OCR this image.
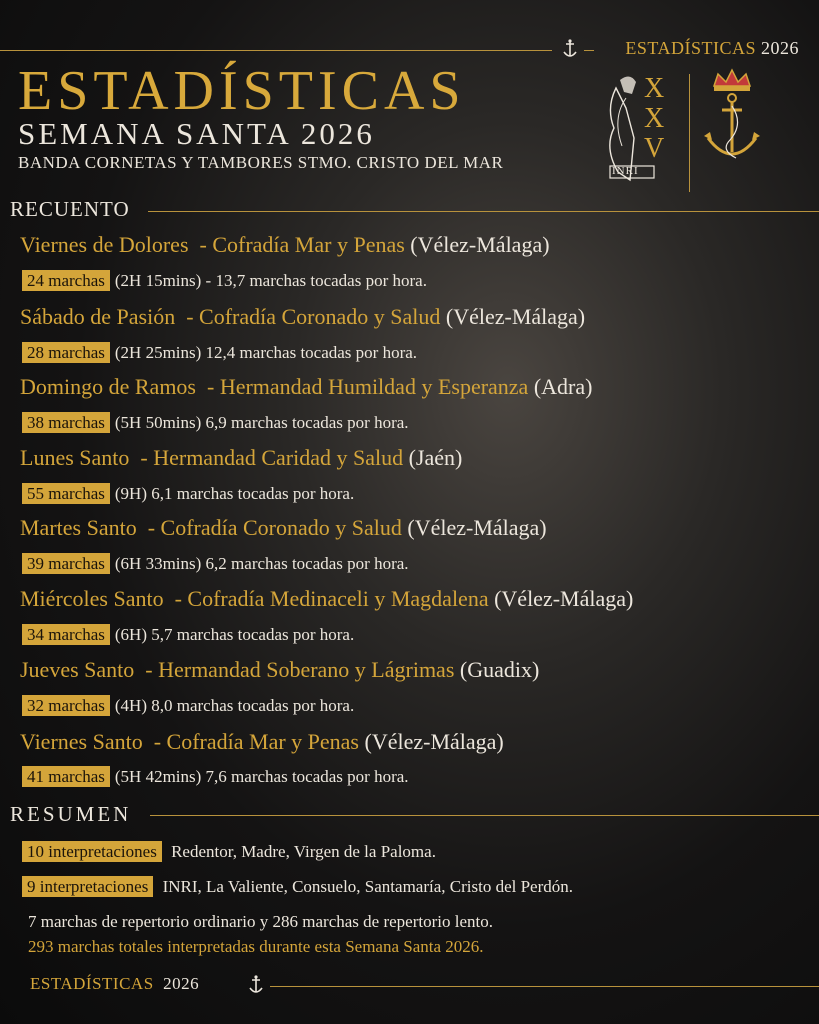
ESTADÍSTICAS 2026
ESTADÍSTICAS
SEMANA SANTA 2026
BANDA CORNETAS Y TAMBORES STMO. CRISTO DEL MAR
XXV
INRI
RECUENTO
Viernes de Dolores  - Cofradía Mar y Penas (Vélez-Málaga)
24 marchas (2H 15mins) - 13,7 marchas tocadas por hora.
Sábado de Pasión  - Cofradía Coronado y Salud (Vélez-Málaga)
28 marchas (2H 25mins) 12,4 marchas tocadas por hora.
Domingo de Ramos  - Hermandad Humildad y Esperanza (Adra)
38 marchas (5H 50mins) 6,9 marchas tocadas por hora.
Lunes Santo  - Hermandad Caridad y Salud (Jaén)
55 marchas (9H) 6,1 marchas tocadas por hora.
Martes Santo  - Cofradía Coronado y Salud (Vélez-Málaga)
39 marchas (6H 33mins) 6,2 marchas tocadas por hora.
Miércoles Santo  - Cofradía Medinaceli y Magdalena (Vélez-Málaga)
34 marchas (6H) 5,7 marchas tocadas por hora.
Jueves Santo  - Hermandad Soberano y Lágrimas (Guadix)
32 marchas (4H) 8,0 marchas tocadas por hora.
Viernes Santo  - Cofradía Mar y Penas (Vélez-Málaga)
41 marchas (5H 42mins) 7,6 marchas tocadas por hora.
RESUMEN
10 interpretaciones Redentor, Madre, Virgen de la Paloma.
9 interpretaciones INRI, La Valiente, Consuelo, Santamaría, Cristo del Perdón.
7 marchas de repertorio ordinario y 286 marchas de repertorio lento.
293 marchas totales interpretadas durante esta Semana Santa 2026.
ESTADÍSTICAS 2026
